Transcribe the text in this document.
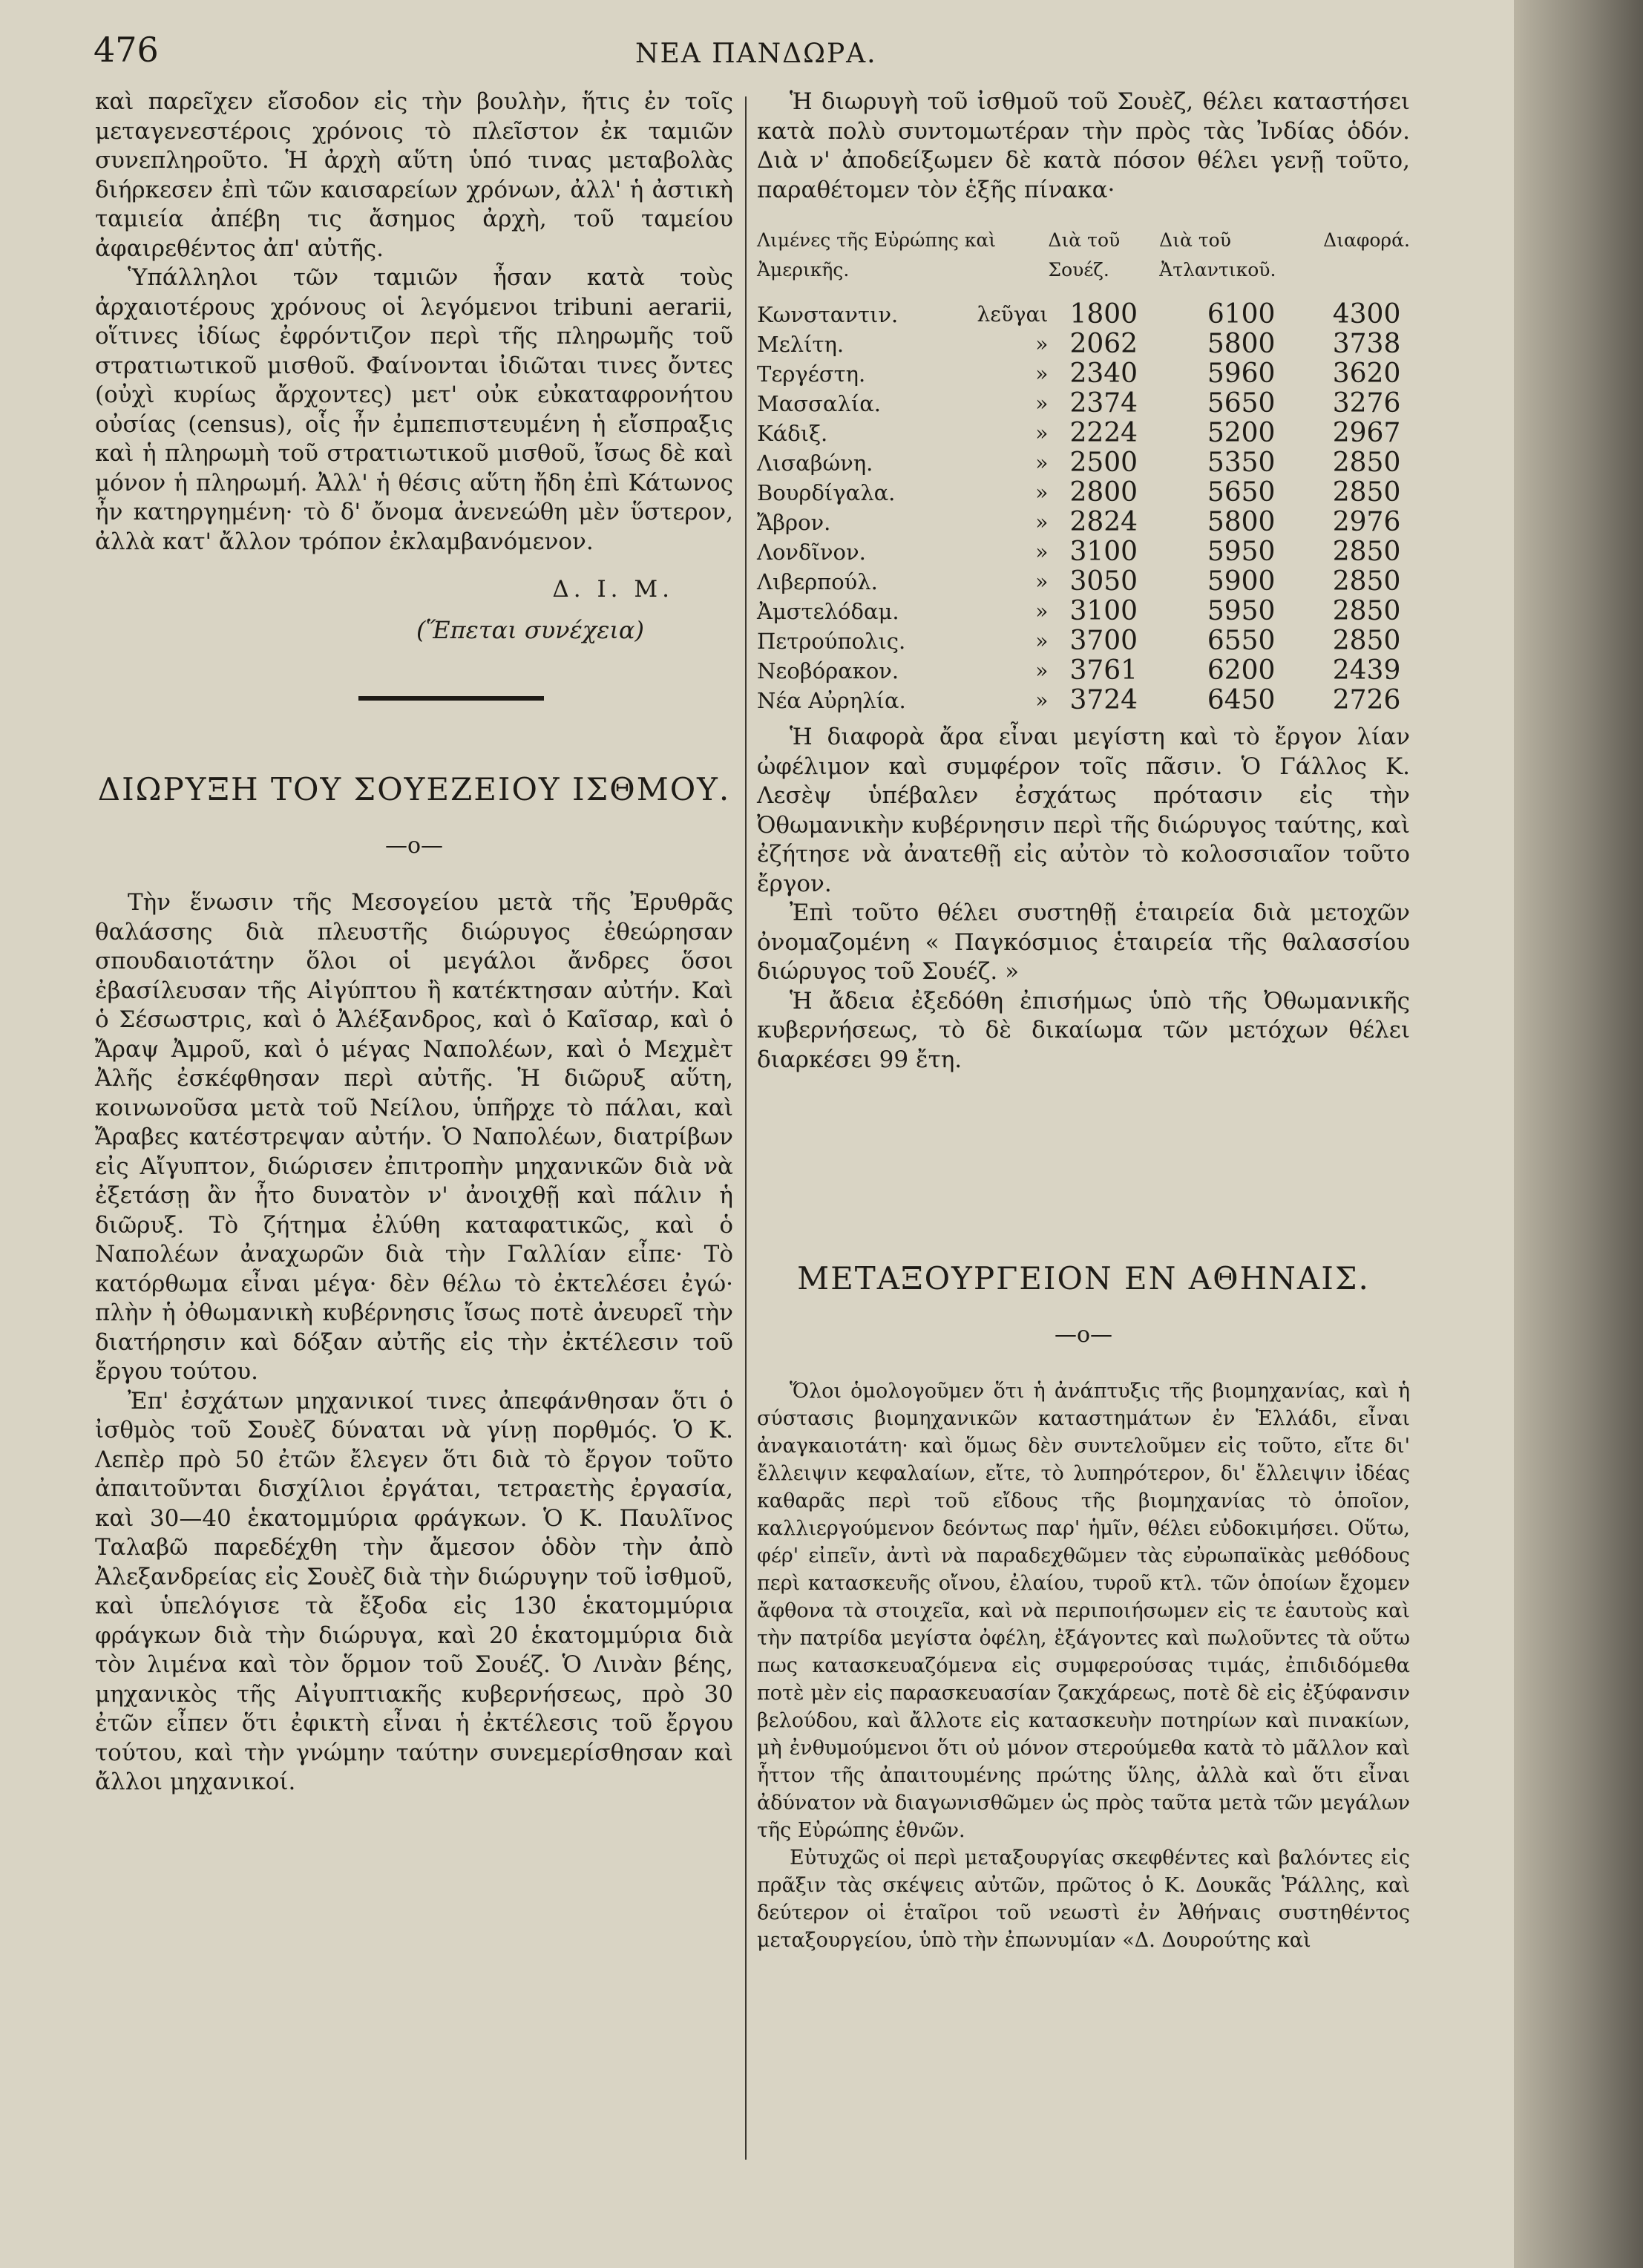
476	ΝΕΑ ΠΑΝΔΩΡΑ.

καὶ παρεῖχεν εἴσοδον εἰς τὴν βουλὴν, ἥτις ἐν τοῖς μεταγενεστέροις χρόνοις τὸ πλεῖστον ἐκ ταμιῶν συνεπληροῦτο. Ἡ ἀρχὴ αὕτη ὑπό τινας μεταβολὰς διήρκεσεν ἐπὶ τῶν καισαρείων χρόνων, ἀλλ' ἡ ἀστικὴ ταμιεία ἀπέβη τις ἄσημος ἀρχὴ, τοῦ ταμείου ἀφαιρεθέντος ἀπ' αὐτῆς.

Ὑπάλληλοι τῶν ταμιῶν ἦσαν κατὰ τοὺς ἀρχαιοτέρους χρόνους οἱ λεγόμενοι tribuni aerarii, οἵτινες ἰδίως ἐφρόντιζον περὶ τῆς πληρωμῆς τοῦ στρατιωτικοῦ μισθοῦ. Φαίνονται ἰδιῶται τινες ὄντες (οὐχὶ κυρίως ἄρχοντες) μετ' οὐκ εὐκαταφρονήτου οὐσίας (census), οἷς ἦν ἐμπεπιστευμένη ἡ εἴσπραξις καὶ ἡ πληρωμὴ τοῦ στρατιωτικοῦ μισθοῦ, ἴσως δὲ καὶ μόνον ἡ πληρωμή. Ἀλλ' ἡ θέσις αὕτη ἤδη ἐπὶ Κάτωνος ἦν κατηργημένη· τὸ δ' ὄνομα ἀνενεώθη μὲν ὕστερον, ἀλλὰ κατ' ἄλλον τρόπον ἐκλαμβανόμενον.

Δ. Ι. Μ.
(Ἕπεται συνέχεια)
ΔΙΩΡΥΞΗ ΤΟΥ ΣΟΥΕΖΕΙΟΥ ΙΣΘΜΟΥ.
—o—

Τὴν ἕνωσιν τῆς Μεσογείου μετὰ τῆς Ἐρυθρᾶς θαλάσσης διὰ πλευστῆς διώρυγος ἐθεώρησαν σπουδαιοτάτην ὅλοι οἱ μεγάλοι ἄνδρες ὅσοι ἐβασίλευσαν τῆς Αἰγύπτου ἢ κατέκτησαν αὐτήν. Καὶ ὁ Σέσωστρις, καὶ ὁ Ἀλέξανδρος, καὶ ὁ Καῖσαρ, καὶ ὁ Ἄραψ Ἀμροῦ, καὶ ὁ μέγας Ναπολέων, καὶ ὁ Μεχμὲτ Ἀλῆς ἐσκέφθησαν περὶ αὐτῆς. Ἡ διῶρυξ αὕτη, κοινωνοῦσα μετὰ τοῦ Νείλου, ὑπῆρχε τὸ πάλαι, καὶ Ἄραβες κατέστρεψαν αὐτήν. Ὁ Ναπολέων, διατρίβων εἰς Αἴγυπτον, διώρισεν ἐπιτροπὴν μηχανικῶν διὰ νὰ ἐξετάσῃ ἂν ἦτο δυνατὸν ν' ἀνοιχθῇ καὶ πάλιν ἡ διῶρυξ. Τὸ ζήτημα ἐλύθη καταφατικῶς, καὶ ὁ Ναπολέων ἀναχωρῶν διὰ τὴν Γαλλίαν εἶπε· Τὸ κατόρθωμα εἶναι μέγα· δὲν θέλω τὸ ἐκτελέσει ἐγώ· πλὴν ἡ ὀθωμανικὴ κυβέρνησις ἴσως ποτὲ ἀνευρεῖ τὴν διατήρησιν καὶ δόξαν αὐτῆς εἰς τὴν ἐκτέλεσιν τοῦ ἔργου τούτου.

Ἐπ' ἐσχάτων μηχανικοί τινες ἀπεφάνθησαν ὅτι ὁ ἰσθμὸς τοῦ Σουὲζ δύναται νὰ γίνῃ πορθμός. Ὁ Κ. Λεπὲρ πρὸ 50 ἐτῶν ἔλεγεν ὅτι διὰ τὸ ἔργον τοῦτο ἀπαιτοῦνται δισχίλιοι ἐργάται, τετραετὴς ἐργασία, καὶ 30—40 ἑκατομμύρια φράγκων. Ὁ Κ. Παυλῖνος Ταλαβῶ παρεδέχθη τὴν ἄμεσον ὁδὸν τὴν ἀπὸ Ἀλεξανδρείας εἰς Σουὲζ διὰ τὴν διώρυγην τοῦ ἰσθμοῦ, καὶ ὑπελόγισε τὰ ἔξοδα εἰς 130 ἑκατομμύρια φράγκων διὰ τὴν διώρυγα, καὶ 20 ἑκατομμύρια διὰ τὸν λιμένα καὶ τὸν ὅρμον τοῦ Σουέζ. Ὁ Λινὰν βέης, μηχανικὸς τῆς Αἰγυπτιακῆς κυβερνήσεως, πρὸ 30 ἐτῶν εἶπεν ὅτι ἐφικτὴ εἶναι ἡ ἐκτέλεσις τοῦ ἔργου τούτου, καὶ τὴν γνώμην ταύτην συνεμερίσθησαν καὶ ἄλλοι μηχανικοί.

Ἡ διωρυγὴ τοῦ ἰσθμοῦ τοῦ Σουὲζ, θέλει καταστήσει κατὰ πολὺ συντομωτέραν τὴν πρὸς τὰς Ἰνδίας ὁδόν. Διὰ ν' ἀποδείξωμεν δὲ κατὰ πόσον θέλει γενῇ τοῦτο, παραθέτομεν τὸν ἑξῆς πίνακα·

Λιμένες τῆς Εὐρώπης καὶ Ἀμερικῆς.		Διὰ τοῦ Σουέζ.	Διὰ τοῦ Ἀτλαντικοῦ.	Διαφορά.
Κωνσταντιν.	λεῦγαι	1800	6100	4300
Μελίτη.	»	2062	5800	3738
Τεργέστη.	»	2340	5960	3620
Μασσαλία.	»	2374	5650	3276
Κάδιξ.	»	2224	5200	2967
Λισαβώνη.	»	2500	5350	2850
Βουρδίγαλα.	»	2800	5650	2850
Ἄβρον.	»	2824	5800	2976
Λονδῖνον.	»	3100	5950	2850
Λιβερπούλ.	»	3050	5900	2850
Ἀμστελόδαμ.	»	3100	5950	2850
Πετρούπολις.	»	3700	6550	2850
Νεοβόρακον.	»	3761	6200	2439
Νέα Αὐρηλία.	»	3724	6450	2726

Ἡ διαφορὰ ἄρα εἶναι μεγίστη καὶ τὸ ἔργον λίαν ὠφέλιμον καὶ συμφέρον τοῖς πᾶσιν. Ὁ Γάλλος Κ. Λεσὲψ ὑπέβαλεν ἐσχάτως πρότασιν εἰς τὴν Ὀθωμανικὴν κυβέρνησιν περὶ τῆς διώρυγος ταύτης, καὶ ἐζήτησε νὰ ἀνατεθῇ εἰς αὐτὸν τὸ κολοσσιαῖον τοῦτο ἔργον.

Ἐπὶ τοῦτο θέλει συστηθῇ ἑταιρεία διὰ μετοχῶν ὀνομαζομένη « Παγκόσμιος ἑταιρεία τῆς θαλασσίου διώρυγος τοῦ Σουέζ. »

Ἡ ἄδεια ἐξεδόθη ἐπισήμως ὑπὸ τῆς Ὀθωμανικῆς κυβερνήσεως, τὸ δὲ δικαίωμα τῶν μετόχων θέλει διαρκέσει 99 ἔτη.

ΜΕΤΑΞΟΥΡΓΕΙΟΝ ΕΝ ΑΘΗΝΑΙΣ.
—o—

Ὅλοι ὁμολογοῦμεν ὅτι ἡ ἀνάπτυξις τῆς βιομηχανίας, καὶ ἡ σύστασις βιομηχανικῶν καταστημάτων ἐν Ἑλλάδι, εἶναι ἀναγκαιοτάτη· καὶ ὅμως δὲν συντελοῦμεν εἰς τοῦτο, εἴτε δι' ἔλλειψιν κεφαλαίων, εἴτε, τὸ λυπηρότερον, δι' ἔλλειψιν ἰδέας καθαρᾶς περὶ τοῦ εἴδους τῆς βιομηχανίας τὸ ὁποῖον, καλλιεργούμενον δεόντως παρ' ἡμῖν, θέλει εὐδοκιμήσει. Οὕτω, φέρ' εἰπεῖν, ἀντὶ νὰ παραδεχθῶμεν τὰς εὐρωπαϊκὰς μεθόδους περὶ κατασκευῆς οἴνου, ἐλαίου, τυροῦ κτλ. τῶν ὁποίων ἔχομεν ἄφθονα τὰ στοιχεῖα, καὶ νὰ περιποιήσωμεν εἰς τε ἑαυτοὺς καὶ τὴν πατρίδα μεγίστα ὀφέλη, ἐξάγοντες καὶ πωλοῦντες τὰ οὕτω πως κατασκευαζόμενα εἰς συμφερούσας τιμάς, ἐπιδιδόμεθα ποτὲ μὲν εἰς παρασκευασίαν ζακχάρεως, ποτὲ δὲ εἰς ἐξύφανσιν βελούδου, καὶ ἄλλοτε εἰς κατασκευὴν ποτηρίων καὶ πινακίων, μὴ ἐνθυμούμενοι ὅτι οὐ μόνον στερούμεθα κατὰ τὸ μᾶλλον καὶ ἧττον τῆς ἀπαιτουμένης πρώτης ὕλης, ἀλλὰ καὶ ὅτι εἶναι ἀδύνατον νὰ διαγωνισθῶμεν ὡς πρὸς ταῦτα μετὰ τῶν μεγάλων τῆς Εὐρώπης ἐθνῶν.

Εὐτυχῶς οἱ περὶ μεταξουργίας σκεφθέντες καὶ βαλόντες εἰς πρᾶξιν τὰς σκέψεις αὐτῶν, πρῶτος ὁ Κ. Δουκᾶς Ῥάλλης, καὶ δεύτερον οἱ ἑταῖροι τοῦ νεωστὶ ἐν Ἀθήναις συστηθέντος μεταξουργείου, ὑπὸ τὴν ἐπωνυμίαν «Δ. Δουρούτης καὶ
